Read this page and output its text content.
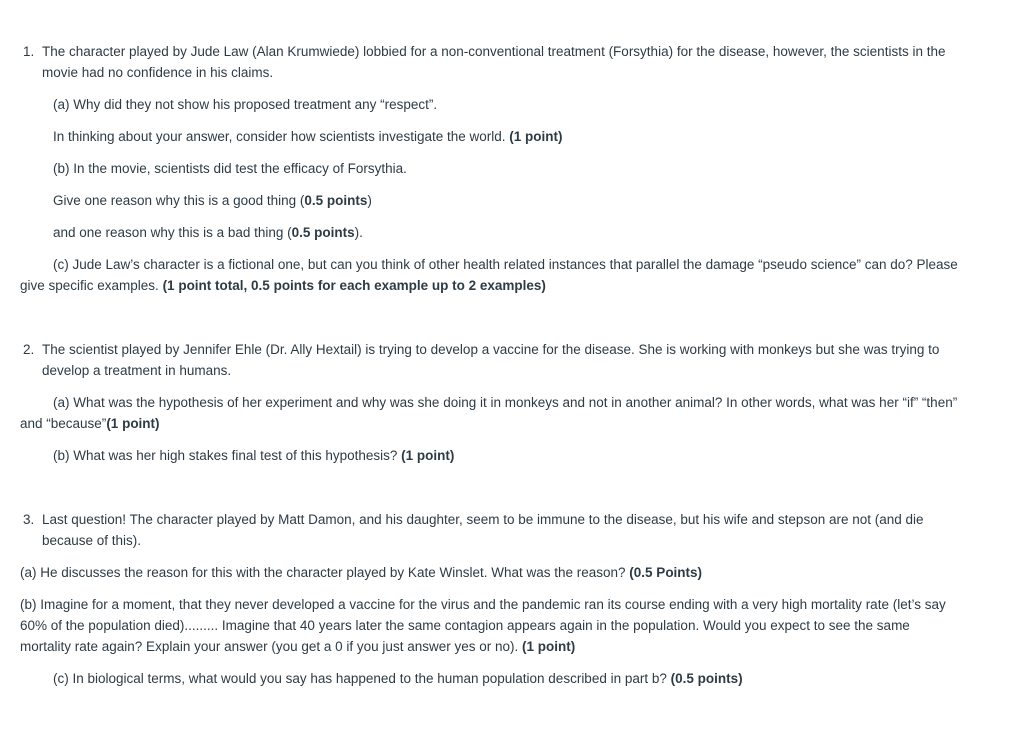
1. The character played by Jude Law (Alan Krumwiede) lobbied for a non-conventional treatment (Forsythia) for the disease, however, the scientists in the
movie had no confidence in his claims.
(a) Why did they not show his proposed treatment any “respect”.
In thinking about your answer, consider how scientists investigate the world. (1 point)
(b) In the movie, scientists did test the efficacy of Forsythia.
Give one reason why this is a good thing (0.5 points)
and one reason why this is a bad thing (0.5 points).
(c) Jude Law’s character is a fictional one, but can you think of other health related instances that parallel the damage “pseudo science” can do? Please
give specific examples. (1 point total, 0.5 points for each example up to 2 examples)
2. The scientist played by Jennifer Ehle (Dr. Ally Hextail) is trying to develop a vaccine for the disease. She is working with monkeys but she was trying to
develop a treatment in humans.
(a) What was the hypothesis of her experiment and why was she doing it in monkeys and not in another animal? In other words, what was her “if” “then”
and “because”(1 point)
(b) What was her high stakes final test of this hypothesis? (1 point)
3. Last question! The character played by Matt Damon, and his daughter, seem to be immune to the disease, but his wife and stepson are not (and die
because of this).
(a) He discusses the reason for this with the character played by Kate Winslet. What was the reason? (0.5 Points)
(b) Imagine for a moment, that they never developed a vaccine for the virus and the pandemic ran its course ending with a very high mortality rate (let’s say
60% of the population died)......... Imagine that 40 years later the same contagion appears again in the population. Would you expect to see the same
mortality rate again? Explain your answer (you get a 0 if you just answer yes or no). (1 point)
(c) In biological terms, what would you say has happened to the human population described in part b? (0.5 points)
